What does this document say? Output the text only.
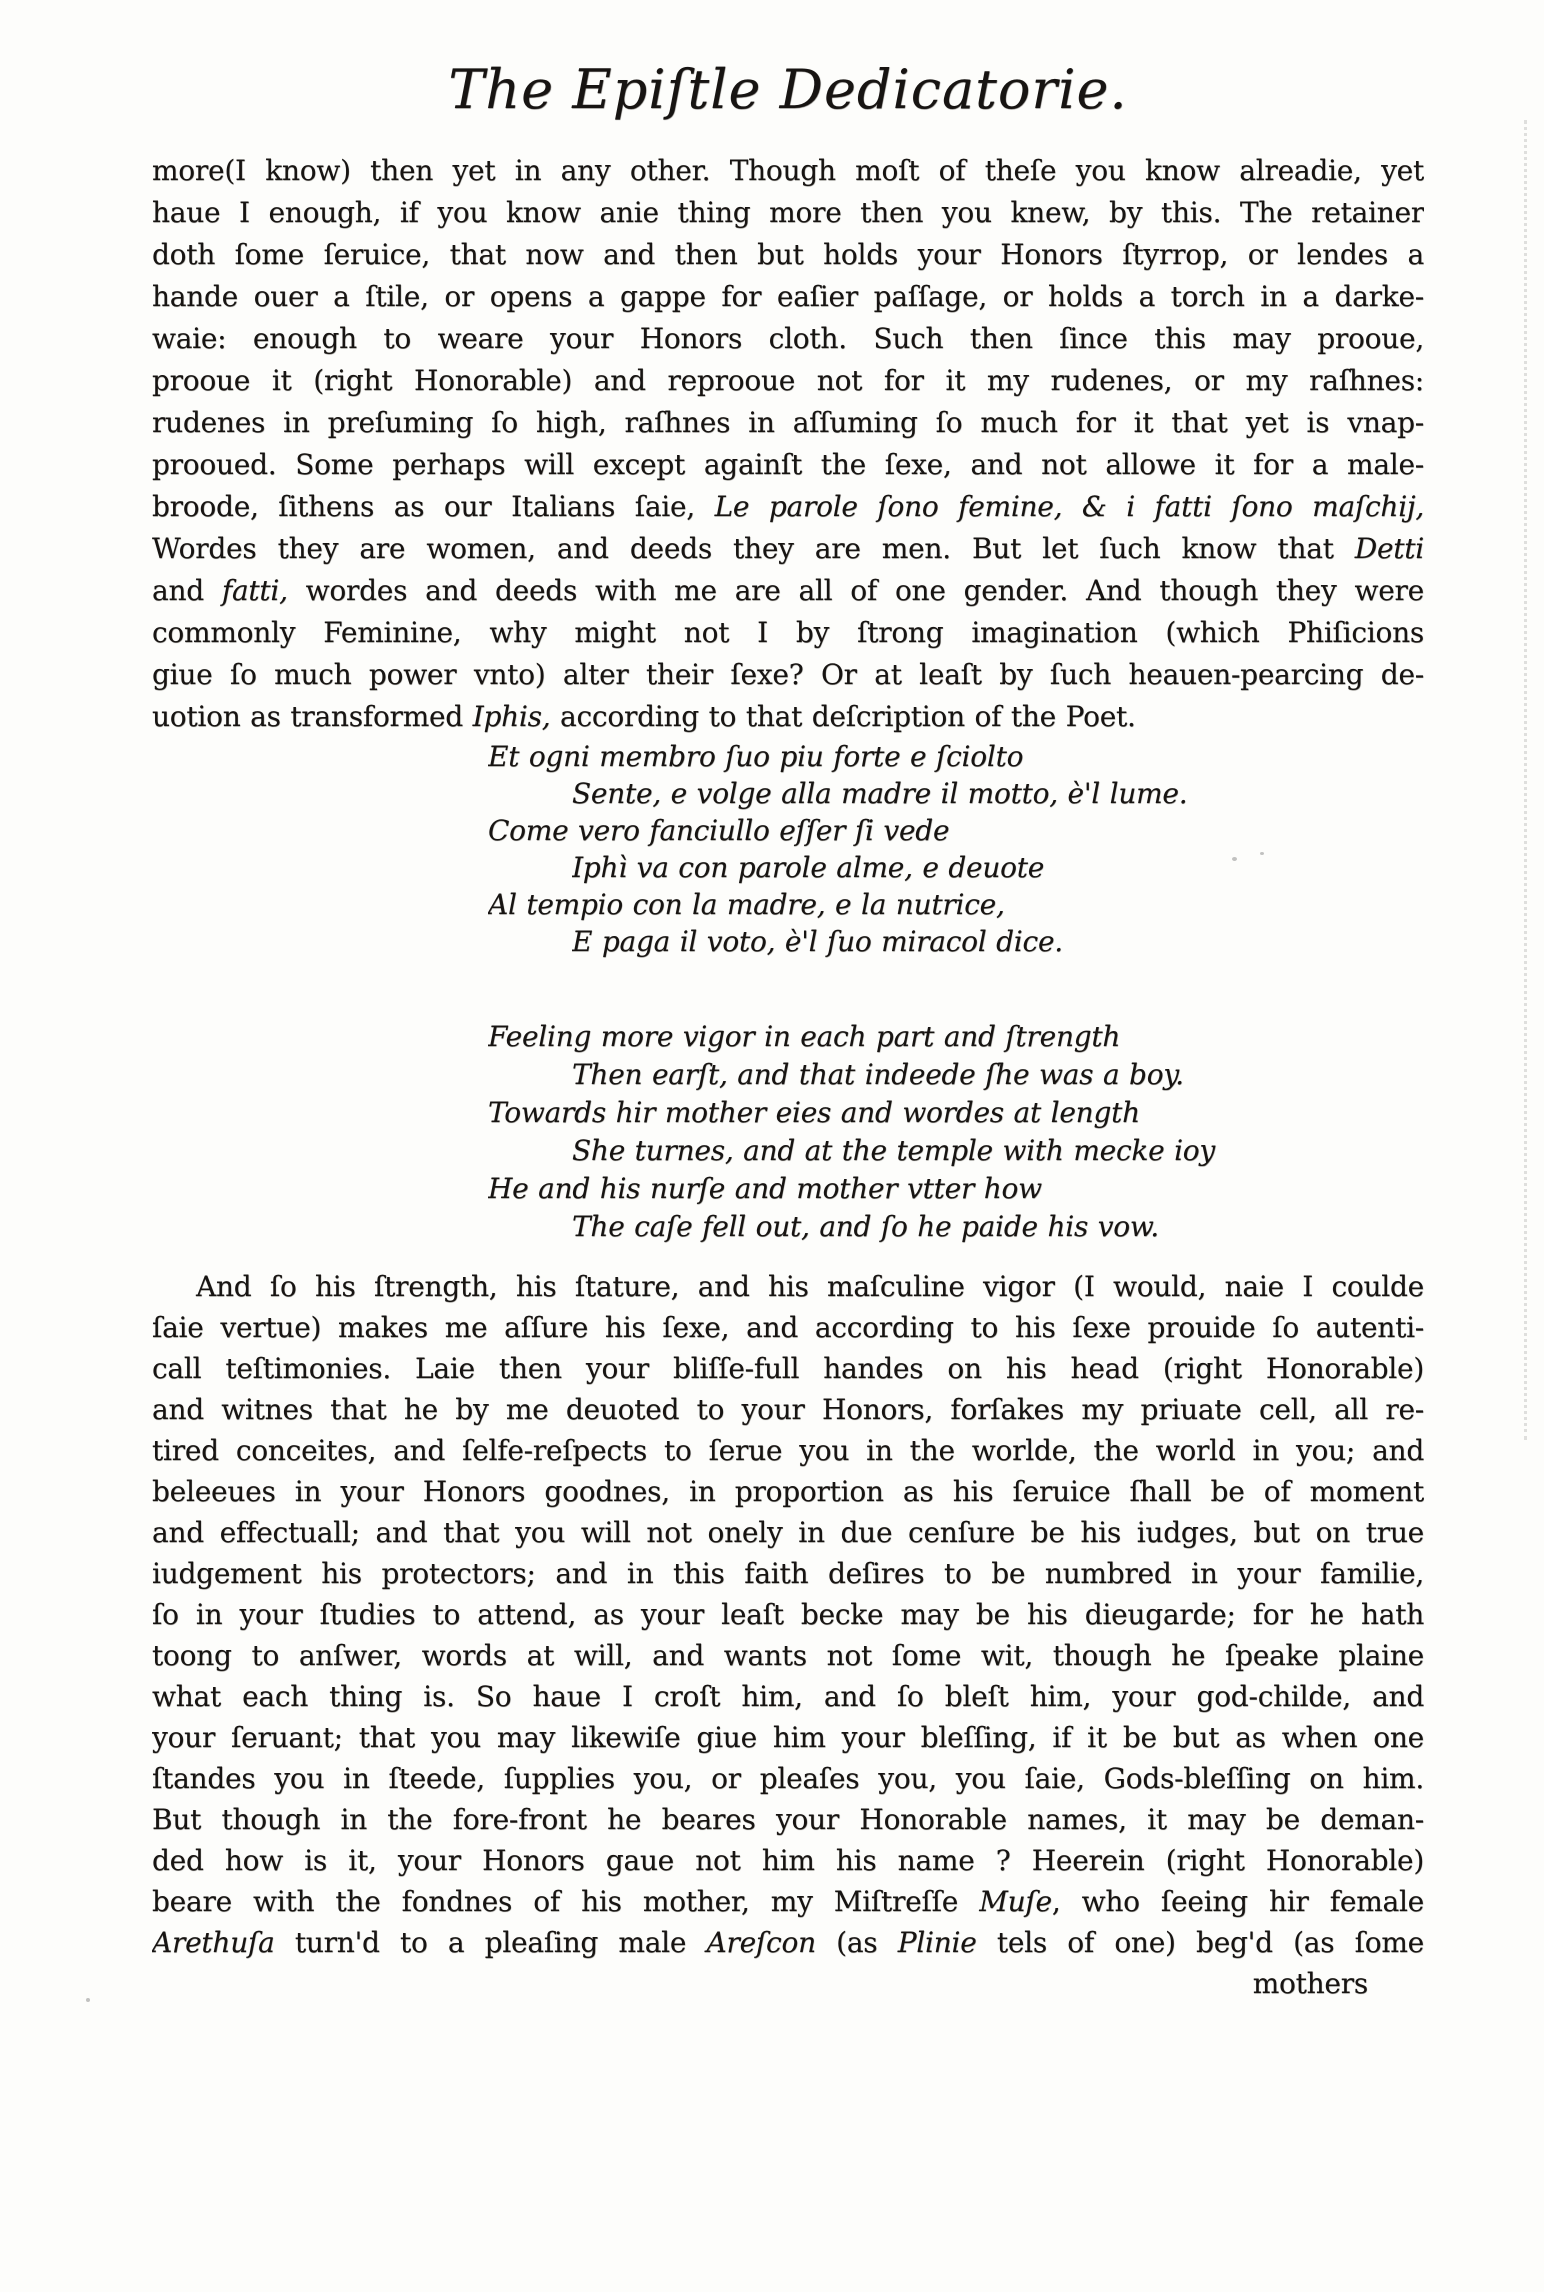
The Epiſtle Dedicatorie.
more(I know) then yet in any other. Though moſt of theſe you know alreadie, yet
haue I enough, if you know anie thing more then you knew, by this. The retainer
doth ſome ſeruice, that now and then but holds your Honors ſtyrrop, or lendes a
hande ouer a ſtile, or opens a gappe for eaſier paſſage, or holds a torch in a darke-
waie: enough to weare your Honors cloth. Such then ſince this may prooue,
prooue it (right Honorable) and reprooue not for it my rudenes, or my raſhnes:
rudenes in preſuming ſo high, raſhnes in aſſuming ſo much for it that yet is vnap-
prooued. Some perhaps will except againſt the ſexe, and not allowe it for a male-
broode, ſithens as our Italians ſaie, Le parole ſono femine, & i fatti ſono maſchij,
Wordes they are women, and deeds they are men. But let ſuch know that Detti
and fatti, wordes and deeds with me are all of one gender. And though they were
commonly Feminine, why might not I by ſtrong imagination (which Phiſicions
giue ſo much power vnto) alter their ſexe? Or at leaſt by ſuch heauen-pearcing de-
uotion as transformed Iphis, according to that deſcription of the Poet.
Et ogni membro ſuo piu forte e ſciolto
Sente, e volge alla madre il motto, è'l lume.
Come vero fanciullo eſſer ſi vede
Iphì va con parole alme, e deuote
Al tempio con la madre, e la nutrice,
E paga il voto, è'l ſuo miracol dice.
Feeling more vigor in each part and ſtrength
Then earſt, and that indeede ſhe was a boy.
Towards hir mother eies and wordes at length
She turnes, and at the temple with mecke ioy
He and his nurſe and mother vtter how
The caſe fell out, and ſo he paide his vow.
And ſo his ſtrength, his ſtature, and his maſculine vigor (I would, naie I coulde
ſaie vertue) makes me aſſure his ſexe, and according to his ſexe prouide ſo autenti-
call teſtimonies. Laie then your bliſſe-full handes on his head (right Honorable)
and witnes that he by me deuoted to your Honors, forſakes my priuate cell, all re-
tired conceites, and ſelfe-reſpects to ſerue you in the worlde, the world in you; and
beleeues in your Honors goodnes, in proportion as his ſeruice ſhall be of moment
and effectuall; and that you will not onely in due cenſure be his iudges, but on true
iudgement his protectors; and in this faith deſires to be numbred in your familie,
ſo in your ſtudies to attend, as your leaſt becke may be his dieugarde; for he hath
toong to anſwer, words at will, and wants not ſome wit, though he ſpeake plaine
what each thing is. So haue I croſt him, and ſo bleſt him, your god-childe, and
your ſeruant; that you may likewiſe giue him your bleſſing, if it be but as when one
ſtandes you in ſteede, ſupplies you, or pleaſes you, you ſaie, Gods-bleſſing on him.
But though in the fore-front he beares your Honorable names, it may be deman-
ded how is it, your Honors gaue not him his name ? Heerein (right Honorable)
beare with the fondnes of his mother, my Miſtreſſe Muſe, who ſeeing hir female
Arethuſa turn'd to a pleaſing male Areſcon (as Plinie tels of one) beg'd (as ſome
mothers
